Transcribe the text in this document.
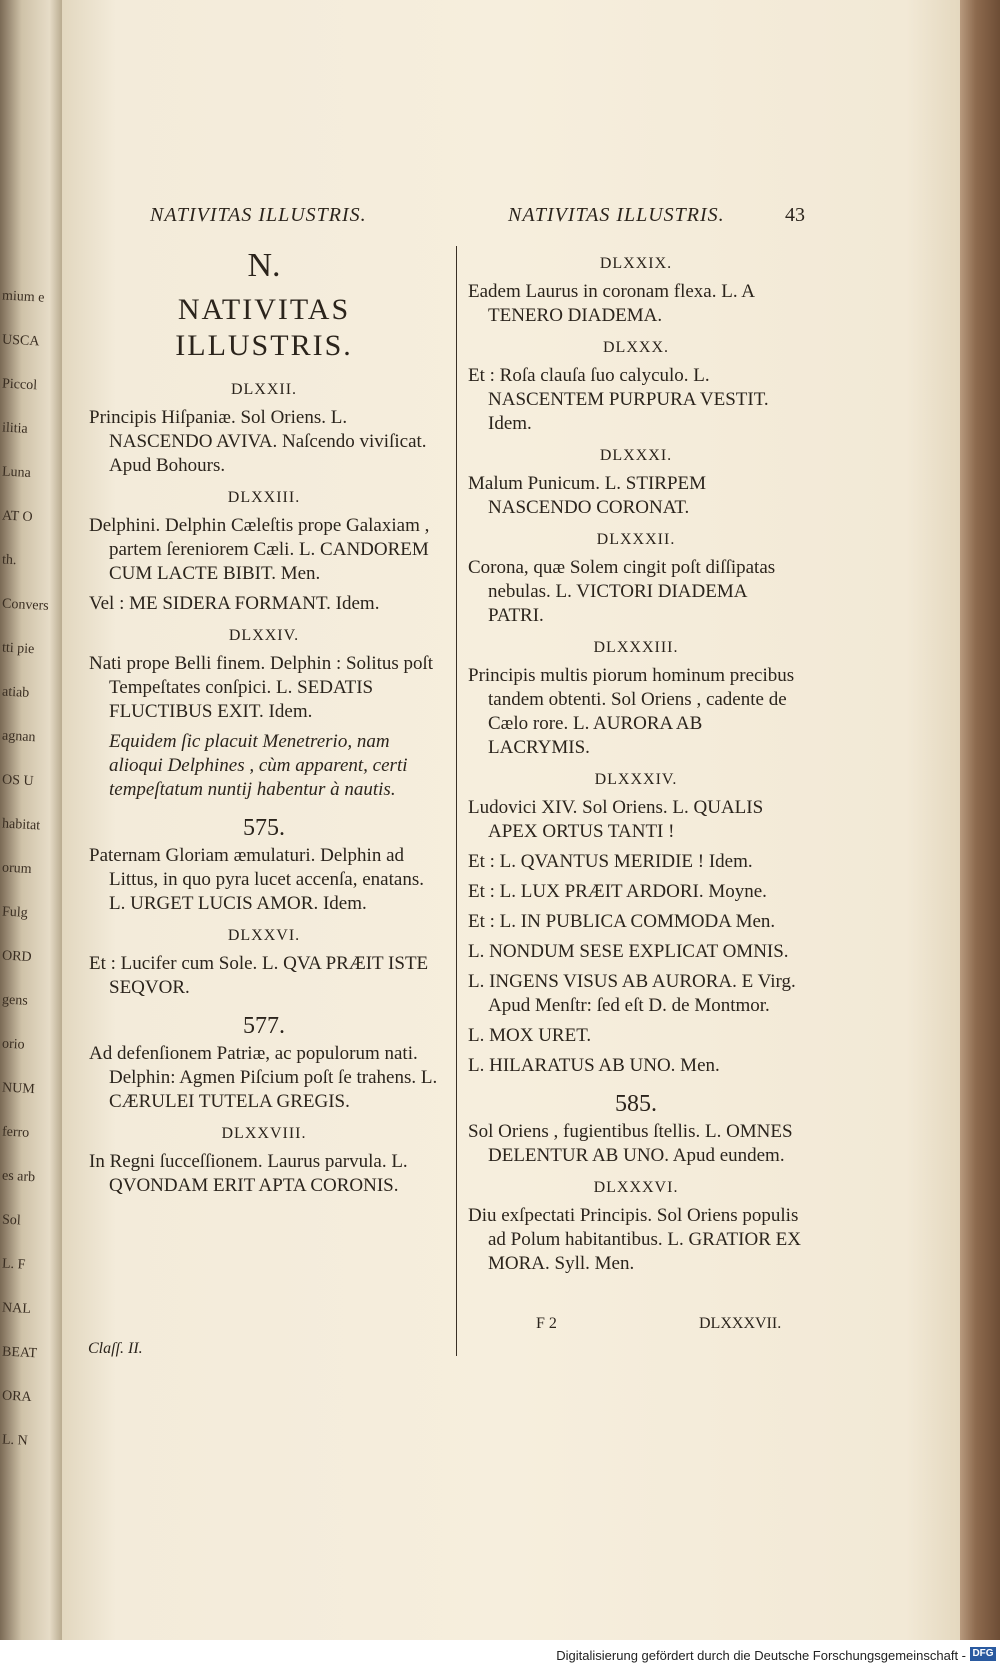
mium e
USCA
Piccol
ilitia
Luna
AT O
th.
Convers
tti pie
atiab
agnan
OS U
habitat
orum
Fulg
ORD
gens
orio
NUM
ferro
es arb
Sol
L. F
NAL
BEAT
ORA
L. N
NATIVITAS ILLUSTRIS.	NATIVITAS ILLUSTRIS.	43
N.
NATIVITAS ILLUSTRIS.
DLXXII.
Principis Hiſpaniæ. Sol Oriens. L. NASCENDO AVIVA. Naſcendo viviſicat. Apud Bohours.
DLXXIII.
Delphini. Delphin Cæleſtis prope Galaxiam , partem ſereniorem Cæli. L. CANDOREM CUM LACTE BIBIT. Men.
Vel : ME SIDERA FORMANT. Idem.
DLXXIV.
Nati prope Belli finem. Delphin : Solitus poſt Tempeſtates conſpici. L. SEDATIS FLUCTIBUS EXIT. Idem.
Equidem ſic placuit Menetrerio, nam alioqui Delphines , cùm apparent, certi tempeſtatum nuntij habentur à nautis.
575.
Paternam Gloriam æmulaturi. Delphin ad Littus, in quo pyra lucet accenſa, enatans. L. URGET LUCIS AMOR. Idem.
DLXXVI.
Et : Lucifer cum Sole. L. QVA PRÆIT ISTE SEQVOR.
577.
Ad defenſionem Patriæ, ac populorum nati. Delphin: Agmen Piſcium poſt ſe trahens. L. CÆRULEI TUTELA GREGIS.
DLXXVIII.
In Regni ſucceſſionem. Laurus parvula. L. QVONDAM ERIT APTA CORONIS.
DLXXIX.
Eadem Laurus in coronam flexa. L. A TENERO DIADEMA.
DLXXX.
Et : Roſa clauſa ſuo calyculo. L. NASCENTEM PURPURA VESTIT. Idem.
DLXXXI.
Malum Punicum. L. STIRPEM NASCENDO CORONAT.
DLXXXII.
Corona, quæ Solem cingit poſt diſſipatas nebulas. L. VICTORI DIADEMA PATRI.
DLXXXIII.
Principis multis piorum hominum precibus tandem obtenti. Sol Oriens , cadente de Cælo rore. L. AURORA AB LACRYMIS.
DLXXXIV.
Ludovici XIV. Sol Oriens. L. QUALIS APEX ORTUS TANTI !
Et : L. QVANTUS MERIDIE ! Idem.
Et : L. LUX PRÆIT ARDORI. Moyne.
Et : L. IN PUBLICA COMMODA Men.
L. NONDUM SESE EXPLICAT OMNIS.
L. INGENS VISUS AB AURORA. E Virg. Apud Menſtr: ſed eſt D. de Montmor.
L. MOX URET.
L. HILARATUS AB UNO. Men.
585.
Sol Oriens , fugientibus ſtellis. L. OMNES DELENTUR AB UNO. Apud eundem.
DLXXXVI.
Diu exſpectati Principis. Sol Oriens populis ad Polum habitantibus. L. GRATIOR EX MORA. Syll. Men.
Claſſ. II.
F 2	DLXXXVII.
Digitalisierung gefördert durch die Deutsche Forschungsgemeinschaft - DFG
